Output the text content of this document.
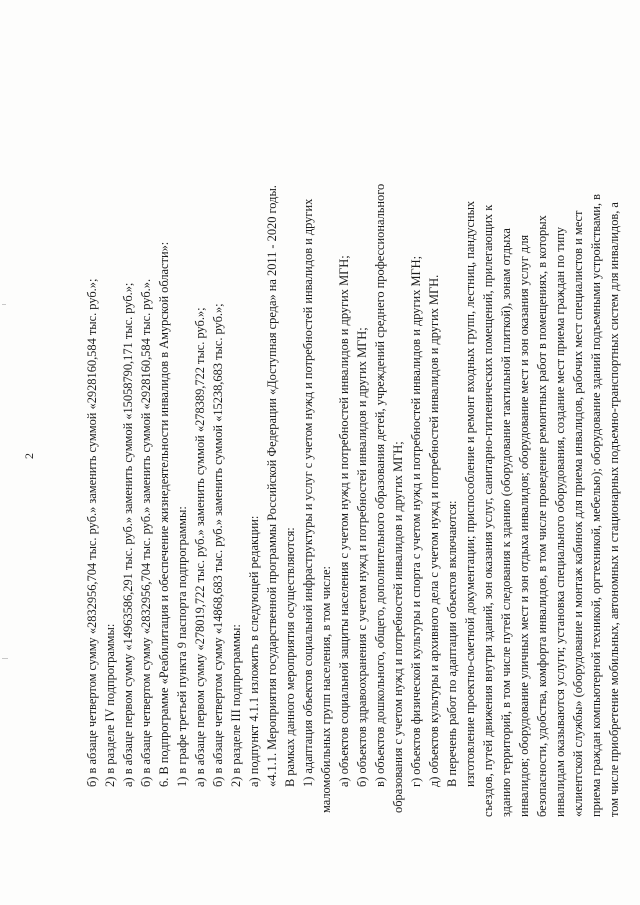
2	б) в абзаце четвертом сумму «2832956,704 тыс. руб.» заменить суммой «2928160,584 тыс. руб.»; 2) в разделе IV подпрограммы: а) в абзаце первом сумму «14963586,291 тыс. руб.» заменить суммой «15058790,171 тыс. руб.»; б) в абзаце четвертом сумму «2832956,704 тыс. руб.» заменить суммой «2928160,584 тыс. руб.». 6. В подпрограмме «Реабилитация и обеспечение жизнедеятельности инвалидов в Амурской области»: 1) в графе третьей пункта 9 паспорта подпрограммы: а) в абзаце первом сумму «278019,722 тыс. руб.» заменить суммой «278389,722 тыс. руб.»; б) в абзаце четвертом сумму «14868,683 тыс. руб.» заменить суммой «15238,683 тыс. руб.»; 2) в разделе III подпрограммы: а) подпункт 4.1.1 изложить в следующей редакции: «4.1.1. Мероприятия государственной программы Российской Федерации «Доступная среда» на 2011 - 2020 годы. В рамках данного мероприятия осуществляются: 1) адаптация объектов социальной инфраструктуры и услуг с учетом нужд и потребностей инвалидов и других маломобильных групп населения, в том числе: а) объектов социальной защиты населения с учетом нужд и потребностей инвалидов и других МГН; б) объектов здравоохранения с учетом нужд и потребностей инвалидов и других МГН; в) объектов дошкольного, общего, дополнительного образования детей, учреждений среднего профессионального образования с учетом нужд и потребностей инвалидов и других МГН; г) объектов физической культуры и спорта с учетом нужд и потребностей инвалидов и других МГН; д) объектов культуры и архивного дела с учетом нужд и потребностей инвалидов и других МГН. В перечень работ по адаптации объектов включаются: изготовление проектно-сметной документации; приспособление и ремонт входных групп, лестниц, пандусных съездов, путей движения внутри зданий, зон оказания услуг, санитарно-гигиенических помещений, прилегающих к зданию территорий, в том числе путей следования к зданию (оборудование тактильной плиткой), зонам отдыха инвалидов; оборудование уличных мест и зон отдыха инвалидов; оборудование мест и зон оказания услуг для безопасности, удобства, комфорта инвалидов, в том числе проведение ремонтных работ в помещениях, в которых инвалидам оказываются услуги; установка специального оборудования, создание мест приема граждан по типу «клиентской службы» (оборудование и монтаж кабинок для приема инвалидов, рабочих мест специалистов и мест приема граждан компьютерной техникой, оргтехникой, мебелью); оборудование зданий подъемными устройствами, в том числе приобретение мобильных, автономных и стационарных подъемно-транспортных систем для инвалидов, а
